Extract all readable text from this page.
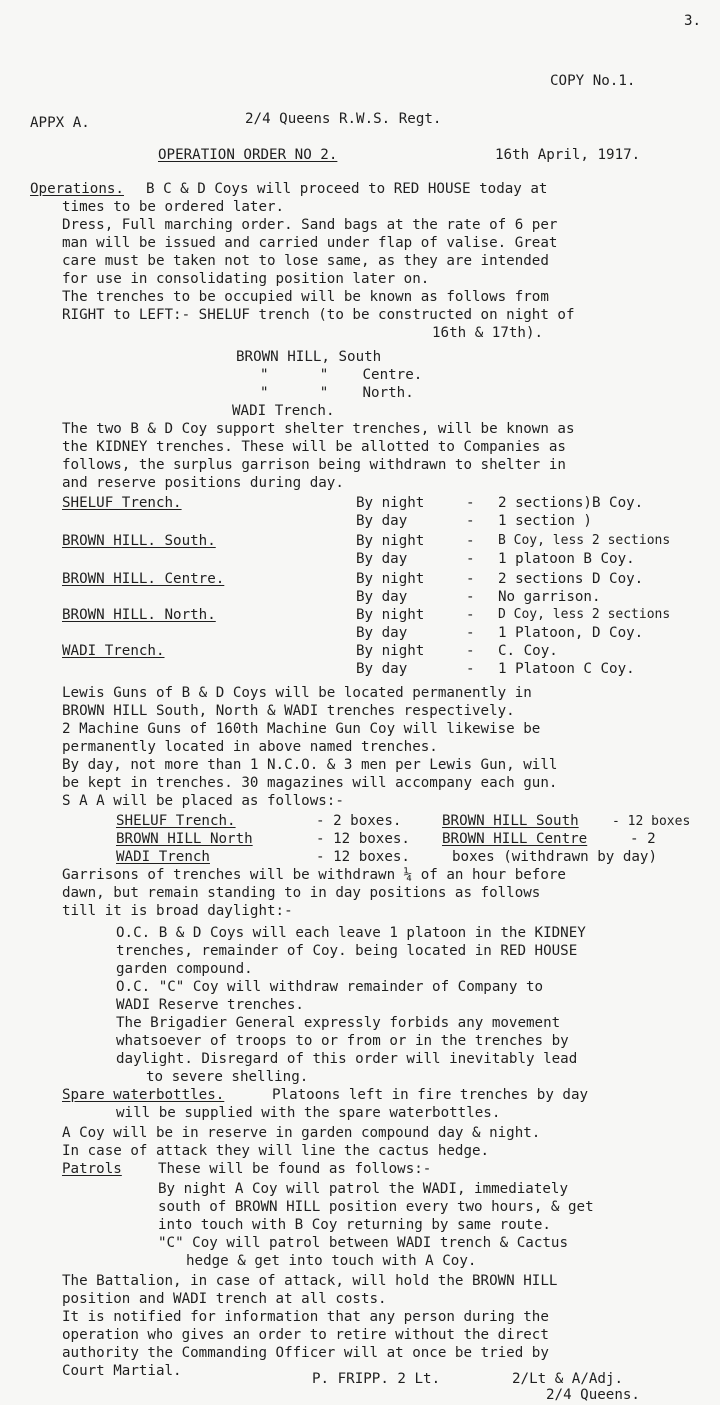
3.
COPY No.1.
APPX A.	2/4 Queens R.W.S. Regt.
OPERATION ORDER NO 2.	16th April, 1917.
Operations. B C & D Coys will proceed to RED HOUSE today at
times to be ordered later.
Dress, Full marching order. Sand bags at the rate of 6 per
man will be issued and carried under flap of valise. Great
care must be taken not to lose same, as they are intended
for use in consolidating position later on.
The trenches to be occupied will be known as follows from
RIGHT to LEFT:- SHELUF trench (to be constructed on night of
16th & 17th).
BROWN HILL, South
"      "    Centre.
"      "    North.
WADI Trench.
The two B & D Coy support shelter trenches, will be known as
the KIDNEY trenches. These will be allotted to Companies as
follows, the surplus garrison being withdrawn to shelter in
and reserve positions during day.
SHELUF Trench.	By night	- 2 sections)B Coy.
By day	- 1 section )
BROWN HILL. South.	By night	- B Coy, less 2 sections
By day	- 1 platoon B Coy.
BROWN HILL. Centre.	By night	- 2 sections D Coy.
By day	- No garrison.
BROWN HILL. North.	By night	- D Coy, less 2 sections
By day	- 1 Platoon, D Coy.
WADI Trench.	By night	- C. Coy.
By day	- 1 Platoon C Coy.
Lewis Guns of B & D Coys will be located permanently in
BROWN HILL South, North & WADI trenches respectively.
2 Machine Guns of 160th Machine Gun Coy will likewise be
permanently located in above named trenches.
By day, not more than 1 N.C.O. & 3 men per Lewis Gun, will
be kept in trenches. 30 magazines will accompany each gun.
S A A will be placed as follows:-
SHELUF Trench.	- 2 boxes.	BROWN HILL South	- 12 boxes
BROWN HILL North	- 12 boxes. BROWN HILL Centre	- 2
WADI Trench	- 12 boxes.	boxes (withdrawn by day)
Garrisons of trenches will be withdrawn ¼ of an hour before
dawn, but remain standing to in day positions as follows
till it is broad daylight:-
O.C. B & D Coys will each leave 1 platoon in the KIDNEY
trenches, remainder of Coy. being located in RED HOUSE
garden compound.
O.C. "C" Coy will withdraw remainder of Company to
WADI Reserve trenches.
The Brigadier General expressly forbids any movement
whatsoever of troops to or from or in the trenches by
daylight. Disregard of this order will inevitably lead
to severe shelling.
Spare waterbottles.	Platoons left in fire trenches by day
will be supplied with the spare waterbottles.
A Coy will be in reserve in garden compound day & night.
In case of attack they will line the cactus hedge.
Patrols	These will be found as follows:-
By night A Coy will patrol the WADI, immediately
south of BROWN HILL position every two hours, & get
into touch with B Coy returning by same route.
"C" Coy will patrol between WADI trench & Cactus
hedge & get into touch with A Coy.
The Battalion, in case of attack, will hold the BROWN HILL
position and WADI trench at all costs.
It is notified for information that any person during the
operation who gives an order to retire without the direct
authority the Commanding Officer will at once be tried by
Court Martial.	P. FRIPP. 2 Lt.	2/Lt & A/Adj.
2/4 Queens.
